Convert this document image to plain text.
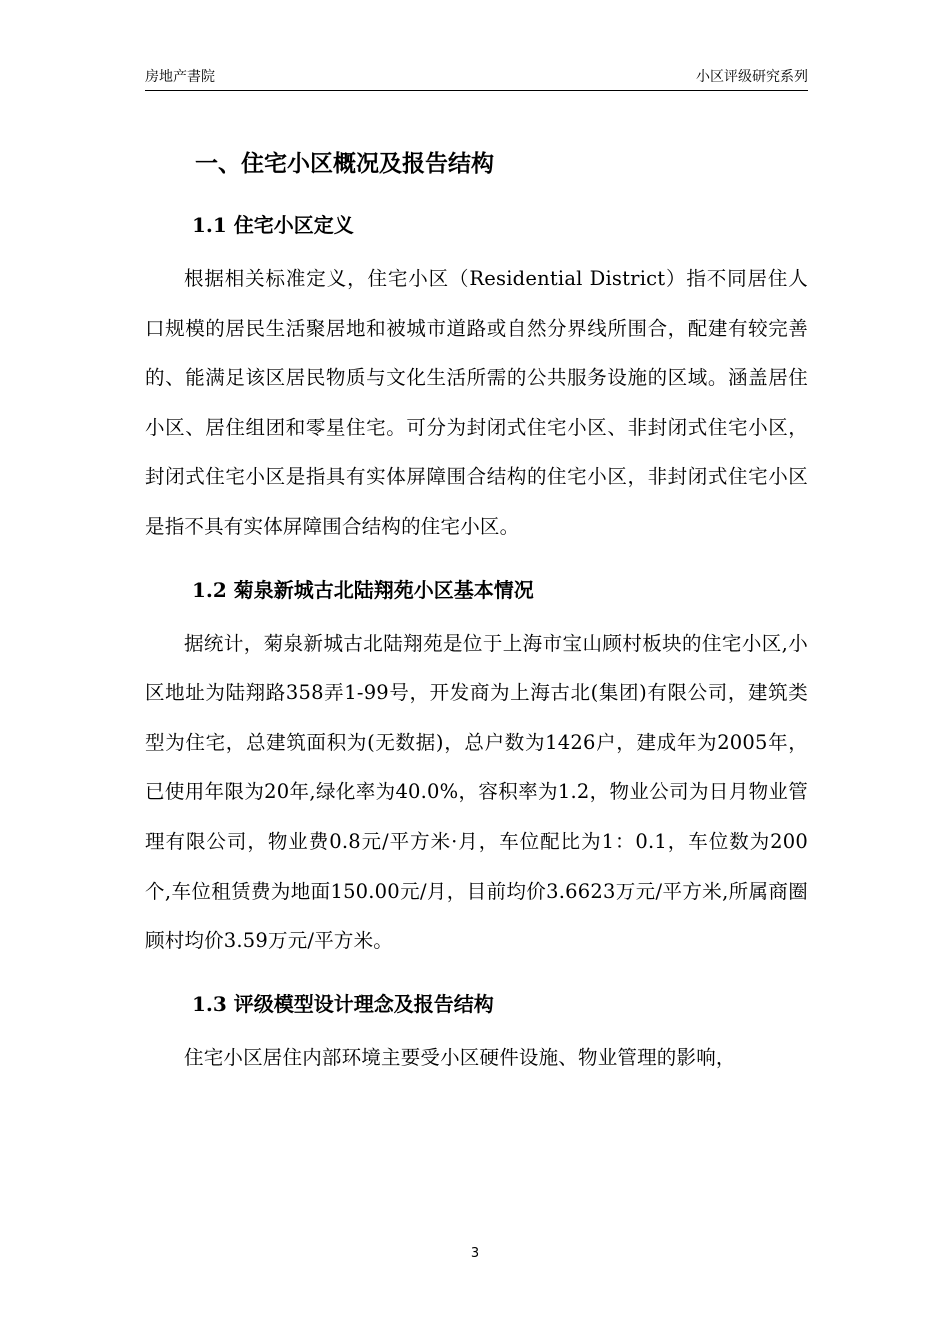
房地产書院	小区评级研究系列
一、住宅小区概况及报告结构
1.1 住宅小区定义

根据相关标准定义，住宅小区（Residential District）指不同居住人口规模的居民生活聚居地和被城市道路或自然分界线所围合，配建有较完善的、能满足该区居民物质与文化生活所需的公共服务设施的区域。涵盖居住小区、居住组团和零星住宅。可分为封闭式住宅小区、非封闭式住宅小区，封闭式住宅小区是指具有实体屏障围合结构的住宅小区，非封闭式住宅小区是指不具有实体屏障围合结构的住宅小区。

1.2 菊泉新城古北陆翔苑小区基本情况

据统计，菊泉新城古北陆翔苑是位于上海市宝山顾村板块的住宅小区,小区地址为陆翔路358弄1-99号，开发商为上海古北(集团)有限公司，建筑类型为住宅，总建筑面积为(无数据)，总户数为1426户，建成年为2005年，已使用年限为20年,绿化率为40.0%，容积率为1.2，物业公司为日月物业管理有限公司，物业费0.8元/平方米·月，车位配比为1：0.1，车位数为200个,车位租赁费为地面150.00元/月，目前均价3.6623万元/平方米,所属商圈顾村均价3.59万元/平方米。

1.3 评级模型设计理念及报告结构

住宅小区居住内部环境主要受小区硬件设施、物业管理的影响，

3
